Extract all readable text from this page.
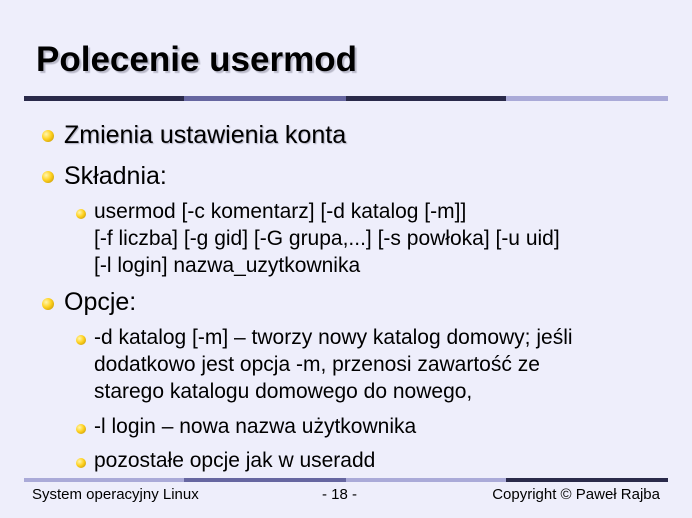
Polecenie usermod
Zmienia ustawienia konta
Składnia:
usermod [-c komentarz] [-d katalog [-m]]
[-f liczba] [-g gid] [-G grupa,...] [-s powłoka] [-u uid]
[-l login] nazwa_uzytkownika
Opcje:
-d katalog [-m] – tworzy nowy katalog domowy; jeśli
dodatkowo jest opcja -m, przenosi zawartość ze
starego katalogu domowego do nowego,
-l login – nowa nazwa użytkownika
pozostałe opcje jak w useradd
System operacyjny Linux	- 18 -	Copyright © Paweł Rajba
